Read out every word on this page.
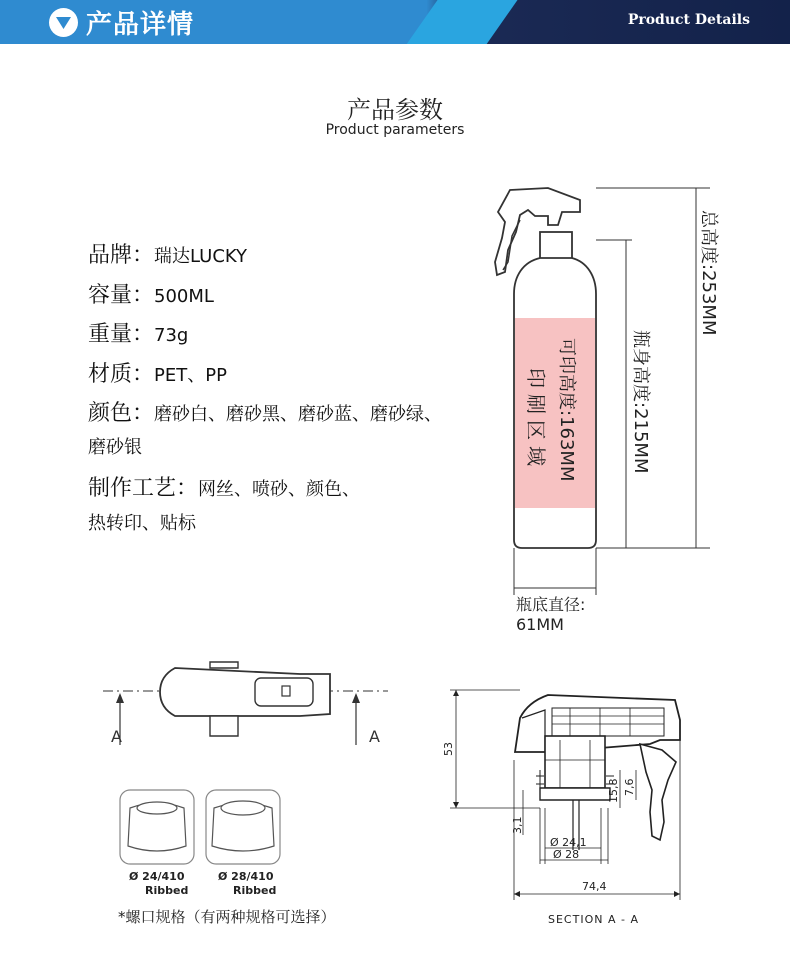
产品详情	Product Details
产品参数
Product parameters
品牌：瑞达LUCKY
容量：500ML
重量：73g
材质：PET、PP
颜色：磨砂白、磨砂黑、磨砂蓝、磨砂绿、
磨砂银
制作工艺：网丝、喷砂、颜色、
热转印、贴标
总高度:253MM
瓶身高度:215MM
可印高度:163MM
印刷区域
瓶底直径:
61MM
A	A
Ø 24/410
Ribbed
Ø 28/410
Ribbed
*螺口规格（有两种规格可选择）
53
3,1
15,8 7,6
Ø 24,1
Ø 28
74,4
SECTION A - A
